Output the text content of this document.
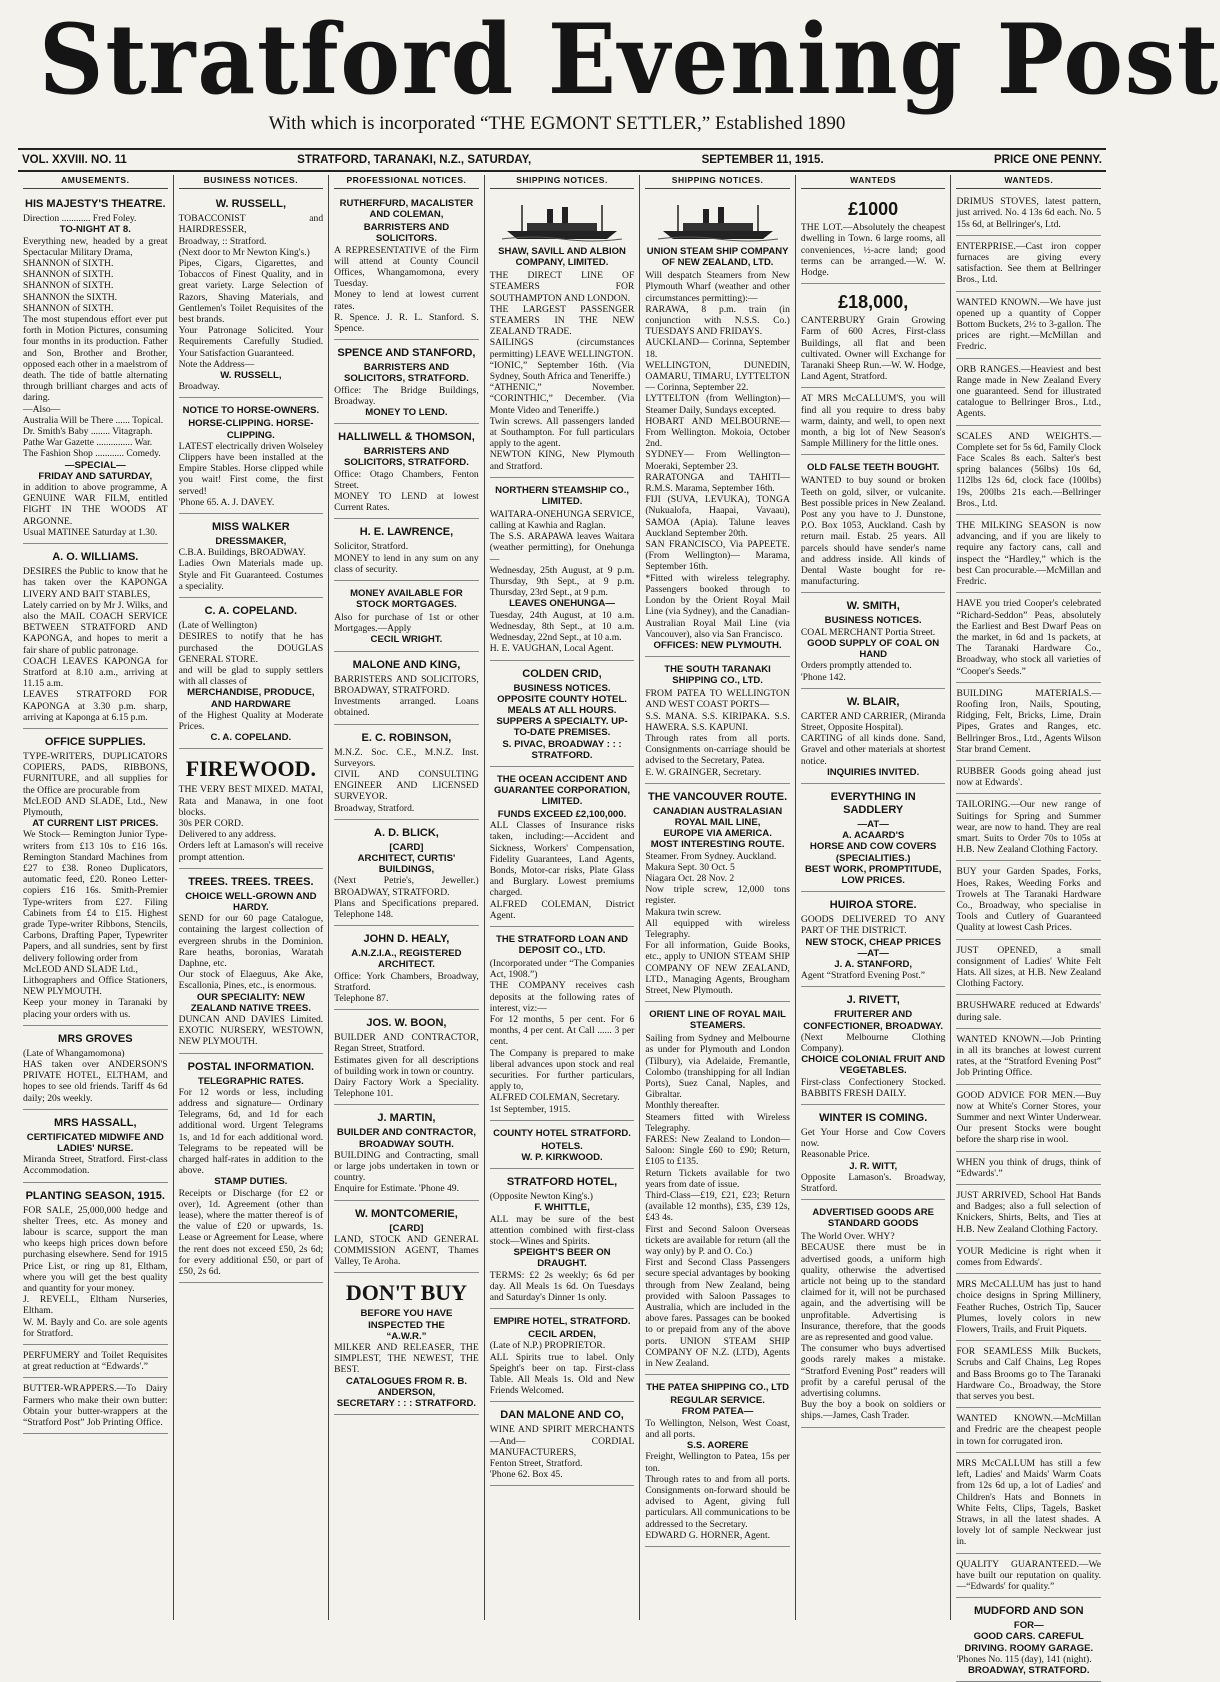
Stratford Evening Post
With which is incorporated “THE EGMONT SETTLER,” Established 1890
VOL. XXVIII. NO. 11	STRATFORD, TARANAKI, N.Z., SATURDAY,	SEPTEMBER 11, 1915.	PRICE ONE PENNY.
AMUSEMENTS.
HIS MAJESTY'S THEATRE.
Direction ............ Fred Foley.
TO-NIGHT AT 8.
Everything new, headed by a great Spectacular Military Drama,
SHANNON of SIXTH.
SHANNON of SIXTH.
SHANNON of SIXTH.
SHANNON the SIXTH.
SHANNON of SIXTH.
The most stupendous effort ever put forth in Motion Pictures, consuming four months in its production. Father and Son, Brother and Brother, opposed each other in a maelstrom of death. The tide of battle alternating through brilliant charges and acts of daring.
—Also—
Australia Will be There ...... Topical.
Dr. Smith's Baby ........ Vitagraph.
Pathe War Gazette ............... War.
The Fashion Shop ............ Comedy.
—SPECIAL—
FRIDAY AND SATURDAY,
in addition to above programme, A GENUINE WAR FILM, entitled FIGHT IN THE WOODS AT ARGONNE.
Usual MATINEE Saturday at 1.30.
A. O. WILLIAMS.
DESIRES the Public to know that he has taken over the KAPONGA LIVERY AND BAIT STABLES,
Lately carried on by Mr J. Wilks, and also the MAIL COACH SERVICE BETWEEN STRATFORD AND KAPONGA, and hopes to merit a fair share of public patronage.
COACH LEAVES KAPONGA for Stratford at 8.10 a.m., arriving at 11.15 a.m.
LEAVES STRATFORD FOR KAPONGA at 3.30 p.m. sharp, arriving at Kaponga at 6.15 p.m.
OFFICE SUPPLIES.
TYPE-WRITERS, DUPLICATORS COPIERS, PADS, RIBBONS, FURNITURE, and all supplies for the Office are procurable from
McLEOD AND SLADE, Ltd., New Plymouth,
AT CURRENT LIST PRICES.
We Stock— Remington Junior Type-writers from £13 10s to £16 16s. Remington Standard Machines from £27 to £38. Roneo Duplicators, automatic feed, £20. Roneo Letter-copiers £16 16s. Smith-Premier Type-writers from £27. Filing Cabinets from £4 to £15. Highest grade Type-writer Ribbons, Stencils, Carbons, Drafting Paper, Typewriter Papers, and all sundries, sent by first delivery following order from
McLEOD AND SLADE Ltd.,
Lithographers and Office Stationers, NEW PLYMOUTH.
Keep your money in Taranaki by placing your orders with us.
MRS GROVES
(Late of Whangamomona)
HAS taken over ANDERSON'S PRIVATE HOTEL, ELTHAM, and hopes to see old friends. Tariff 4s 6d daily; 20s weekly.
MRS HASSALL,
CERTIFICATED MIDWIFE AND LADIES' NURSE.
Miranda Street, Stratford. First-class Accommodation.
PLANTING SEASON, 1915.
FOR SALE, 25,000,000 hedge and shelter Trees, etc. As money and labour is scarce, support the man who keeps high prices down before purchasing elsewhere. Send for 1915 Price List, or ring up 81, Eltham, where you will get the best quality and quantity for your money.
J. REVELL, Eltham Nurseries, Eltham.
W. M. Bayly and Co. are sole agents for Stratford.
PERFUMERY and Toilet Requisites at great reduction at “Edwards'.”
BUTTER-WRAPPERS.—To Dairy Farmers who make their own butter: Obtain your butter-wrappers at the “Stratford Post” Job Printing Office.
BUSINESS NOTICES.
W. RUSSELL,
TOBACCONIST and HAIRDRESSER,
Broadway, :: Stratford.
(Next door to Mr Newton King's.)
Pipes, Cigars, Cigarettes, and Tobaccos of Finest Quality, and in great variety. Large Selection of Razors, Shaving Materials, and Gentlemen's Toilet Requisites of the best brands.
Your Patronage Solicited. Your Requirements Carefully Studied. Your Satisfaction Guaranteed.
Note the Address—
W. RUSSELL,
Broadway.
NOTICE TO HORSE-OWNERS.
HORSE-CLIPPING. HORSE-CLIPPING.
LATEST electrically driven Wolseley Clippers have been installed at the Empire Stables. Horse clipped while you wait! First come, the first served!
'Phone 65. A. J. DAVEY.
MISS WALKER
DRESSMAKER,
C.B.A. Buildings, BROADWAY.
Ladies Own Materials made up. Style and Fit Guaranteed. Costumes a speciality.
C. A. COPELAND.
(Late of Wellington)
DESIRES to notify that he has purchased the DOUGLAS GENERAL STORE.
and will be glad to supply settlers with all classes of
MERCHANDISE, PRODUCE, AND HARDWARE
of the Highest Quality at Moderate Prices.
C. A. COPELAND.
FIREWOOD.
THE VERY BEST MIXED. MATAI, Rata and Manawa, in one foot blocks.
30s PER CORD.
Delivered to any address.
Orders left at Lamason's will receive prompt attention.
TREES. TREES. TREES.
CHOICE WELL-GROWN AND HARDY.
SEND for our 60 page Catalogue, containing the largest collection of evergreen shrubs in the Dominion. Rare heaths, boronias, Waratah Daphne, etc.
Our stock of Elaeguus, Ake Ake, Escallonia, Pines, etc., is enormous.
OUR SPECIALITY: NEW ZEALAND NATIVE TREES.
DUNCAN AND DAVIES Limited. EXOTIC NURSERY, WESTOWN, NEW PLYMOUTH.
POSTAL INFORMATION.
TELEGRAPHIC RATES.
For 12 words or less, including address and signature— Ordinary Telegrams, 6d, and 1d for each additional word. Urgent Telegrams 1s, and 1d for each additional word. Telegrams to be repeated will be charged half-rates in addition to the above.
STAMP DUTIES.
Receipts or Discharge (for £2 or over), 1d. Agreement (other than lease), where the matter thereof is of the value of £20 or upwards, 1s. Lease or Agreement for Lease, where the rent does not exceed £50, 2s 6d; for every additional £50, or part of £50, 2s 6d.
PROFESSIONAL NOTICES.
RUTHERFURD, MACALISTER AND COLEMAN,
BARRISTERS AND SOLICITORS.
A REPRESENTATIVE of the Firm will attend at County Council Offices, Whangamomona, every Tuesday.
Money to lend at lowest current rates.
R. Spence. J. R. L. Stanford. S. Spence.
SPENCE AND STANFORD,
BARRISTERS AND SOLICITORS, STRATFORD.
Office: The Bridge Buildings, Broadway.
MONEY TO LEND.
HALLIWELL & THOMSON,
BARRISTERS AND SOLICITORS, STRATFORD.
Office: Otago Chambers, Fenton Street.
MONEY TO LEND at lowest Current Rates.
H. E. LAWRENCE,
Solicitor, Stratford.
MONEY to lend in any sum on any class of security.
MONEY AVAILABLE FOR STOCK MORTGAGES.
Also for purchase of 1st or other Mortgages.—Apply
CECIL WRIGHT.
MALONE AND KING,
BARRISTERS AND SOLICITORS, BROADWAY, STRATFORD.
Investments arranged. Loans obtained.
E. C. ROBINSON,
M.N.Z. Soc. C.E., M.N.Z. Inst. Surveyors.
CIVIL AND CONSULTING ENGINEER AND LICENSED SURVEYOR.
Broadway, Stratford.
A. D. BLICK,
[CARD]
ARCHITECT, CURTIS' BUILDINGS,
(Next Petrie's, Jeweller.) BROADWAY, STRATFORD.
Plans and Specifications prepared. Telephone 148.
JOHN D. HEALY,
A.N.Z.I.A., REGISTERED ARCHITECT.
Office: York Chambers, Broadway, Stratford.
Telephone 87.
JOS. W. BOON,
BUILDER AND CONTRACTOR, Regan Street, Stratford.
Estimates given for all descriptions of building work in town or country.
Dairy Factory Work a Speciality. Telephone 101.
J. MARTIN,
BUILDER AND CONTRACTOR, BROADWAY SOUTH.
BUILDING and Contracting, small or large jobs undertaken in town or country.
Enquire for Estimate. 'Phone 49.
W. MONTCOMERIE,
[CARD]
LAND, STOCK AND GENERAL COMMISSION AGENT, Thames Valley, Te Aroha.
DON'T BUY
BEFORE YOU HAVE INSPECTED THE
“A.W.R.”
MILKER AND RELEASER, THE SIMPLEST, THE NEWEST, THE BEST.
CATALOGUES FROM R. B. ANDERSON,
SECRETARY : : : STRATFORD.
SHIPPING NOTICES.
SHAW, SAVILL AND ALBION COMPANY, LIMITED.
THE DIRECT LINE OF STEAMERS FOR SOUTHAMPTON AND LONDON.
THE LARGEST PASSENGER STEAMERS IN THE NEW ZEALAND TRADE.
SAILINGS (circumstances permitting) LEAVE WELLINGTON.
“IONIC,” September 16th. (Via Sydney, South Africa and Teneriffe.)
“ATHENIC,” November. “CORINTHIC,” December. (Via Monte Video and Teneriffe.)
Twin screws. All passengers landed at Southampton. For full particulars apply to the agent.
NEWTON KING, New Plymouth and Stratford.
NORTHERN STEAMSHIP CO., LIMITED.
WAITARA-ONEHUNGA SERVICE, calling at Kawhia and Raglan.
The S.S. ARAPAWA leaves Waitara (weather permitting), for Onehunga—
Wednesday, 25th August, at 9 p.m. Thursday, 9th Sept., at 9 p.m. Thursday, 23rd Sept., at 9 p.m.
LEAVES ONEHUNGA—
Tuesday, 24th August, at 10 a.m. Wednesday, 8th Sept., at 10 a.m. Wednesday, 22nd Sept., at 10 a.m.
H. E. VAUGHAN, Local Agent.
COLDEN CRID,
BUSINESS NOTICES.
OPPOSITE COUNTY HOTEL.
MEALS AT ALL HOURS.
SUPPERS A SPECIALTY. UP-TO-DATE PREMISES.
S. PIVAC, BROADWAY : : : STRATFORD.
THE OCEAN ACCIDENT AND GUARANTEE CORPORATION, LIMITED.
FUNDS EXCEED £2,100,000.
ALL Classes of Insurance risks taken, including:—Accident and Sickness, Workers' Compensation, Fidelity Guarantees, Land Agents, Bonds, Motor-car risks, Plate Glass and Burglary. Lowest premiums charged.
ALFRED COLEMAN, District Agent.
THE STRATFORD LOAN AND DEPOSIT CO., LTD.
(Incorporated under “The Companies Act, 1908.”)
THE COMPANY receives cash deposits at the following rates of interest, viz:—
For 12 months, 5 per cent. For 6 months, 4 per cent. At Call ...... 3 per cent.
The Company is prepared to make liberal advances upon stock and real securities. For further particulars, apply to,
ALFRED COLEMAN, Secretary.
1st September, 1915.
COUNTY HOTEL STRATFORD.
HOTELS.
W. P. KIRKWOOD.
STRATFORD HOTEL,
(Opposite Newton King's.)
F. WHITTLE,
ALL may be sure of the best attention combined with first-class stock—Wines and Spirits.
SPEIGHT'S BEER ON DRAUGHT.
TERMS: £2 2s weekly; 6s 6d per day. All Meals 1s 6d. On Tuesdays and Saturday's Dinner 1s only.
EMPIRE HOTEL, STRATFORD.
CECIL ARDEN,
(Late of N.P.) PROPRIETOR.
ALL Spirits true to label. Only Speight's beer on tap. First-class Table. All Meals 1s. Old and New Friends Welcomed.
DAN MALONE AND CO,
WINE AND SPIRIT MERCHANTS —And— CORDIAL MANUFACTURERS,
Fenton Street, Stratford.
'Phone 62. Box 45.
SHIPPING NOTICES.
UNION STEAM SHIP COMPANY OF NEW ZEALAND, LTD.
Will despatch Steamers from New Plymouth Wharf (weather and other circumstances permitting):—
RARAWA, 8 p.m. train (in conjunction with N.S.S. Co.) TUESDAYS AND FRIDAYS.
AUCKLAND— Corinna, September 18.
WELLINGTON, DUNEDIN, OAMARU, TIMARU, LYTTELTON— Corinna, September 22.
LYTTELTON (from Wellington)— Steamer Daily, Sundays excepted.
HOBART AND MELBOURNE—From Wellington. Mokoia, October 2nd.
SYDNEY— From Wellington—Moeraki, September 23.
RARATONGA and TAHITI— R.M.S. Marama, September 16th.
FIJI (SUVA, LEVUKA), TONGA (Nukualofa, Haapai, Vavaau), SAMOA (Apia). Talune leaves Auckland September 20th.
SAN FRANCISCO, Via PAPEETE. (From Wellington)— Marama, September 16th.
*Fitted with wireless telegraphy. Passengers booked through to London by the Orient Royal Mail Line (via Sydney), and the Canadian-Australian Royal Mail Line (via Vancouver), also via San Francisco.
OFFICES: NEW PLYMOUTH.
THE SOUTH TARANAKI SHIPPING CO., LTD.
FROM PATEA TO WELLINGTON AND WEST COAST PORTS—
S.S. MANA. S.S. KIRIPAKA. S.S. HAWERA. S.S. KAPUNI.
Through rates from all ports. Consignments on-carriage should be advised to the Secretary, Patea.
E. W. GRAINGER, Secretary.
THE VANCOUVER ROUTE.
CANADIAN AUSTRALASIAN ROYAL MAIL LINE,
EUROPE VIA AMERICA.
MOST INTERESTING ROUTE.
Steamer. From Sydney. Auckland.
Makura Sept. 30 Oct. 5
Niagara Oct. 28 Nov. 2
Now triple screw, 12,000 tons register.
Makura twin screw.
All equipped with wireless Telegraphy.
For all information, Guide Books, etc., apply to UNION STEAM SHIP COMPANY OF NEW ZEALAND, LTD., Managing Agents, Brougham Street, New Plymouth.
ORIENT LINE OF ROYAL MAIL STEAMERS.
Sailing from Sydney and Melbourne as under for Plymouth and London (Tilbury), via Adelaide, Fremantle, Colombo (transhipping for all Indian Ports), Suez Canal, Naples, and Gibraltar.
Monthly thereafter.
Steamers fitted with Wireless Telegraphy.
FARES: New Zealand to London— Saloon: Single £60 to £90; Return, £105 to £135.
Return Tickets available for two years from date of issue.
Third-Class—£19, £21, £23; Return (available 12 months), £35, £39 12s, £43 4s.
First and Second Saloon Overseas tickets are available for return (all the way only) by P. and O. Co.)
First and Second Class Passengers secure special advantages by booking through from New Zealand, being provided with Saloon Passages to Australia, which are included in the above fares. Passages can be booked to or prepaid from any of the above ports. UNION STEAM SHIP COMPANY OF N.Z. (LTD), Agents in New Zealand.
THE PATEA SHIPPING CO., LTD
REGULAR SERVICE.
FROM PATEA—
To Wellington, Nelson, West Coast, and all ports.
S.S. AORERE
Freight, Wellington to Patea, 15s per ton.
Through rates to and from all ports. Consignments on-forward should be advised to Agent, giving full particulars. All communications to be addressed to the Secretary.
EDWARD G. HORNER, Agent.
WANTEDS
£1000
THE LOT.—Absolutely the cheapest dwelling in Town. 6 large rooms, all conveniences, ½-acre land; good terms can be arranged.—W. W. Hodge.
£18,000,
CANTERBURY Grain Growing Farm of 600 Acres, First-class Buildings, all flat and been cultivated. Owner will Exchange for Taranaki Sheep Run.—W. W. Hodge, Land Agent, Stratford.
AT MRS McCALLUM'S, you will find all you require to dress baby warm, dainty, and well, to open next month, a big lot of New Season's Sample Millinery for the little ones.
OLD FALSE TEETH BOUGHT.
WANTED to buy sound or broken Teeth on gold, silver, or vulcanite. Best possible prices in New Zealand. Post any you have to J. Dunstone, P.O. Box 1053, Auckland. Cash by return mail. Estab. 25 years. All parcels should have sender's name and address inside. All kinds of Dental Waste bought for re-manufacturing.
W. SMITH,
BUSINESS NOTICES.
COAL MERCHANT Portia Street.
GOOD SUPPLY OF COAL ON HAND
Orders promptly attended to.
'Phone 142.
W. BLAIR,
CARTER AND CARRIER, (Miranda Street, Opposite Hospital).
CARTING of all kinds done. Sand, Gravel and other materials at shortest notice.
INQUIRIES INVITED.
EVERYTHING IN SADDLERY
—AT—
A. ACAARD'S
HORSE AND COW COVERS (SPECIALITIES.)
BEST WORK, PROMPTITUDE, LOW PRICES.
HUIROA STORE.
GOODS DELIVERED TO ANY PART OF THE DISTRICT.
NEW STOCK, CHEAP PRICES
—AT—
J. A. STANFORD,
Agent “Stratford Evening Post.”
J. RIVETT,
FRUITERER AND CONFECTIONER, BROADWAY.
(Next Melbourne Clothing Company).
CHOICE COLONIAL FRUIT AND VEGETABLES.
First-class Confectionery Stocked. BABBITS FRESH DAILY.
WINTER IS COMING.
Get Your Horse and Cow Covers now.
Reasonable Price.
J. R. WITT,
Opposite Lamason's. Broadway, Stratford.
ADVERTISED GOODS ARE STANDARD GOODS
The World Over. WHY?
BECAUSE there must be in advertised goods, a uniform high quality, otherwise the advertised article not being up to the standard claimed for it, will not be purchased again, and the advertising will be unprofitable. Advertising is Insurance, therefore, that the goods are as represented and good value.
The consumer who buys advertised goods rarely makes a mistake. “Stratford Evening Post” readers will profit by a careful perusal of the advertising columns.
Buy the boy a book on soldiers or ships.—James, Cash Trader.
WANTEDS.
DRIMUS STOVES, latest pattern, just arrived. No. 4 13s 6d each. No. 5 15s 6d, at Bellringer's, Ltd.
ENTERPRISE.—Cast iron copper furnaces are giving every satisfaction. See them at Bellringer Bros., Ltd.
WANTED KNOWN.—We have just opened up a quantity of Copper Bottom Buckets, 2½ to 3-gallon. The prices are right.—McMillan and Fredric.
ORB RANGES.—Heaviest and best Range made in New Zealand Every one guaranteed. Send for illustrated catalogue to Bellringer Bros., Ltd., Agents.
SCALES AND WEIGHTS.—Complete set for 5s 6d, Family Clock Face Scales 8s each. Salter's best spring balances (56lbs) 10s 6d, 112lbs 12s 6d, clock face (100lbs) 19s, 200lbs 21s each.—Bellringer Bros., Ltd.
THE MILKING SEASON is now advancing, and if you are likely to require any factory cans, call and inspect the “Hardley,” which is the best Can procurable.—McMillan and Fredric.
HAVE you tried Cooper's celebrated “Richard-Seddon” Peas, absolutely the Earliest and Best Dwarf Peas on the market, in 6d and 1s packets, at The Taranaki Hardware Co., Broadway, who stock all varieties of “Cooper's Seeds.”
BUILDING MATERIALS.—Roofing Iron, Nails, Spouting, Ridging, Felt, Bricks, Lime, Drain Pipes, Grates and Ranges, etc. Bellringer Bros., Ltd., Agents Wilson Star brand Cement.
RUBBER Goods going ahead just now at Edwards'.
TAILORING.—Our new range of Suitings for Spring and Summer wear, are now to hand. They are real smart. Suits to Order 70s to 105s at H.B. New Zealand Clothing Factory.
BUY your Garden Spades, Forks, Hoes, Rakes, Weeding Forks and Trowels at The Taranaki Hardware Co., Broadway, who specialise in Tools and Cutlery of Guaranteed Quality at lowest Cash Prices.
JUST OPENED, a small consignment of Ladies' White Felt Hats. All sizes, at H.B. New Zealand Clothing Factory.
BRUSHWARE reduced at Edwards' during sale.
WANTED KNOWN.—Job Printing in all its branches at lowest current rates, at the “Stratford Evening Post” Job Printing Office.
GOOD ADVICE FOR MEN.—Buy now at White's Corner Stores, your Summer and next Winter Underwear. Our present Stocks were bought before the sharp rise in wool.
WHEN you think of drugs, think of “Edwards'.”
JUST ARRIVED, School Hat Bands and Badges; also a full selection of Knickers, Shirts, Belts, and Ties at H.B. New Zealand Clothing Factory.
YOUR Medicine is right when it comes from Edwards'.
MRS McCALLUM has just to hand choice designs in Spring Millinery, Feather Ruches, Ostrich Tip, Saucer Plumes, lovely colors in new Flowers, Trails, and Fruit Piquets.
FOR SEAMLESS Milk Buckets, Scrubs and Calf Chains, Leg Ropes and Bass Brooms go to The Taranaki Hardware Co., Broadway, the Store that serves you best.
WANTED KNOWN.—McMillan and Fredric are the cheapest people in town for corrugated iron.
MRS McCALLUM has still a few left, Ladies' and Maids' Warm Coats from 12s 6d up, a lot of Ladies' and Children's Hats and Bonnets in White Felts, Clips, Tagels, Basket Straws, in all the latest shades. A lovely lot of sample Neckwear just in.
QUALITY GUARANTEED.—We have built our reputation on quality.—“Edwards' for quality.”
MUDFORD AND SON
FOR—
GOOD CARS. CAREFUL DRIVING. ROOMY GARAGE.
'Phones No. 115 (day), 141 (night).
BROADWAY, STRATFORD.
